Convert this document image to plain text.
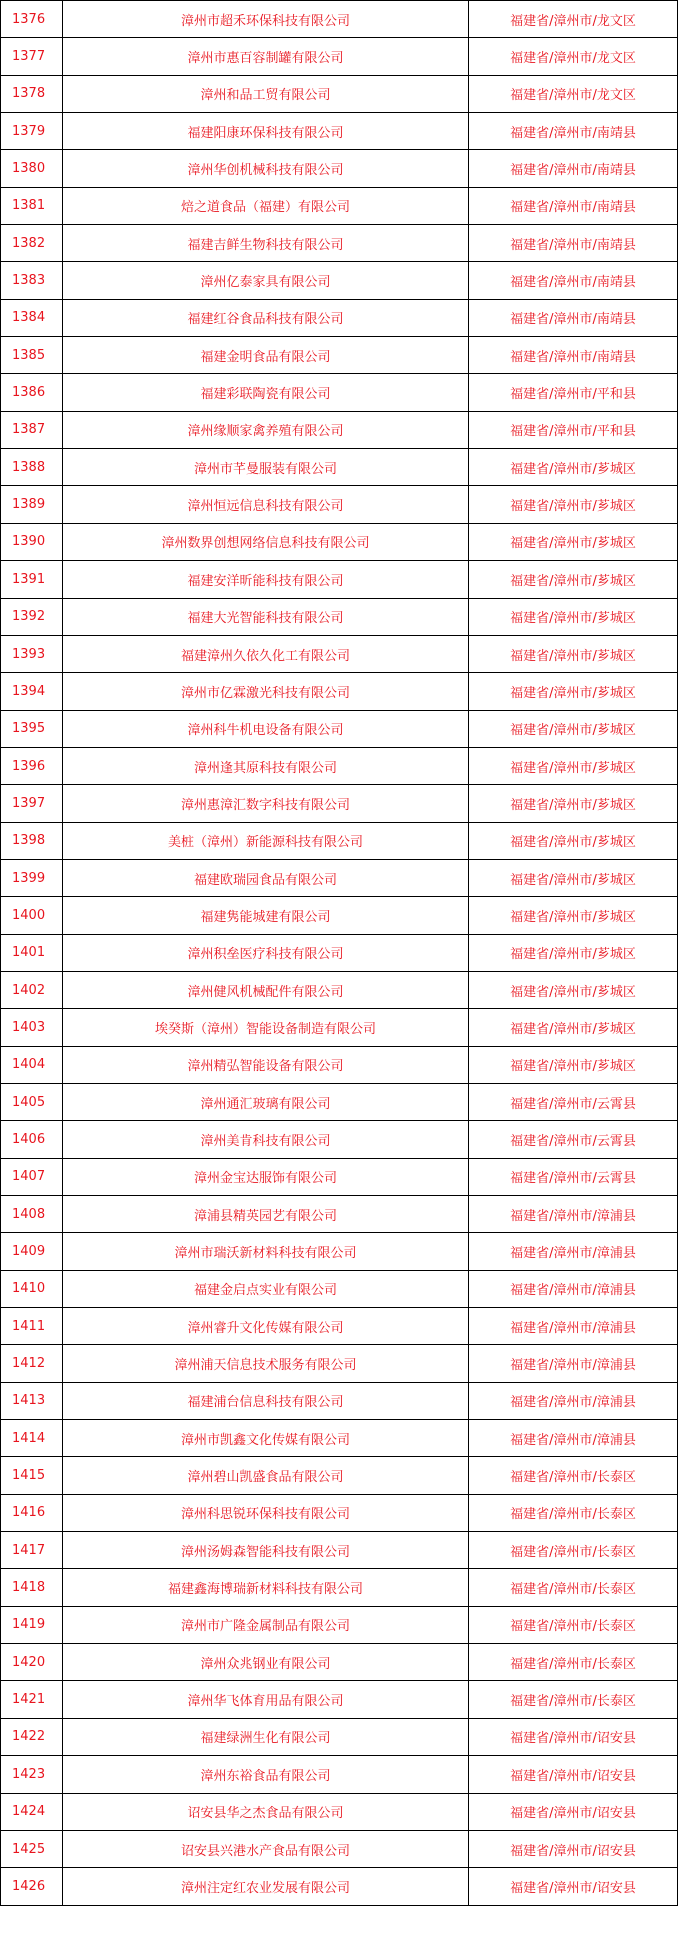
1376	漳州市超禾环保科技有限公司	福建省/漳州市/龙文区
1377	漳州市惠百容制罐有限公司	福建省/漳州市/龙文区
1378	漳州和品工贸有限公司	福建省/漳州市/龙文区
1379	福建阳康环保科技有限公司	福建省/漳州市/南靖县
1380	漳州华创机械科技有限公司	福建省/漳州市/南靖县
1381	焙之道食品（福建）有限公司	福建省/漳州市/南靖县
1382	福建吉鲜生物科技有限公司	福建省/漳州市/南靖县
1383	漳州亿泰家具有限公司	福建省/漳州市/南靖县
1384	福建红谷食品科技有限公司	福建省/漳州市/南靖县
1385	福建金明食品有限公司	福建省/漳州市/南靖县
1386	福建彩联陶瓷有限公司	福建省/漳州市/平和县
1387	漳州缘顺家禽养殖有限公司	福建省/漳州市/平和县
1388	漳州市芊曼服装有限公司	福建省/漳州市/芗城区
1389	漳州恒远信息科技有限公司	福建省/漳州市/芗城区
1390	漳州数界创想网络信息科技有限公司	福建省/漳州市/芗城区
1391	福建安洋昕能科技有限公司	福建省/漳州市/芗城区
1392	福建大光智能科技有限公司	福建省/漳州市/芗城区
1393	福建漳州久依久化工有限公司	福建省/漳州市/芗城区
1394	漳州市亿霖激光科技有限公司	福建省/漳州市/芗城区
1395	漳州科牛机电设备有限公司	福建省/漳州市/芗城区
1396	漳州逢其原科技有限公司	福建省/漳州市/芗城区
1397	漳州惠漳汇数字科技有限公司	福建省/漳州市/芗城区
1398	美桩（漳州）新能源科技有限公司	福建省/漳州市/芗城区
1399	福建欧瑞园食品有限公司	福建省/漳州市/芗城区
1400	福建隽能城建有限公司	福建省/漳州市/芗城区
1401	漳州积垒医疗科技有限公司	福建省/漳州市/芗城区
1402	漳州健风机械配件有限公司	福建省/漳州市/芗城区
1403	埃癸斯（漳州）智能设备制造有限公司	福建省/漳州市/芗城区
1404	漳州精弘智能设备有限公司	福建省/漳州市/芗城区
1405	漳州通汇玻璃有限公司	福建省/漳州市/云霄县
1406	漳州美肯科技有限公司	福建省/漳州市/云霄县
1407	漳州金宝达服饰有限公司	福建省/漳州市/云霄县
1408	漳浦县精英园艺有限公司	福建省/漳州市/漳浦县
1409	漳州市瑞沃新材料科技有限公司	福建省/漳州市/漳浦县
1410	福建金启点实业有限公司	福建省/漳州市/漳浦县
1411	漳州睿升文化传媒有限公司	福建省/漳州市/漳浦县
1412	漳州浦天信息技术服务有限公司	福建省/漳州市/漳浦县
1413	福建浦台信息科技有限公司	福建省/漳州市/漳浦县
1414	漳州市凯鑫文化传媒有限公司	福建省/漳州市/漳浦县
1415	漳州碧山凯盛食品有限公司	福建省/漳州市/长泰区
1416	漳州科思锐环保科技有限公司	福建省/漳州市/长泰区
1417	漳州汤姆森智能科技有限公司	福建省/漳州市/长泰区
1418	福建鑫海博瑞新材料科技有限公司	福建省/漳州市/长泰区
1419	漳州市广隆金属制品有限公司	福建省/漳州市/长泰区
1420	漳州众兆钢业有限公司	福建省/漳州市/长泰区
1421	漳州华飞体育用品有限公司	福建省/漳州市/长泰区
1422	福建绿洲生化有限公司	福建省/漳州市/诏安县
1423	漳州东裕食品有限公司	福建省/漳州市/诏安县
1424	诏安县华之杰食品有限公司	福建省/漳州市/诏安县
1425	诏安县兴港水产食品有限公司	福建省/漳州市/诏安县
1426	漳州注定红农业发展有限公司	福建省/漳州市/诏安县
